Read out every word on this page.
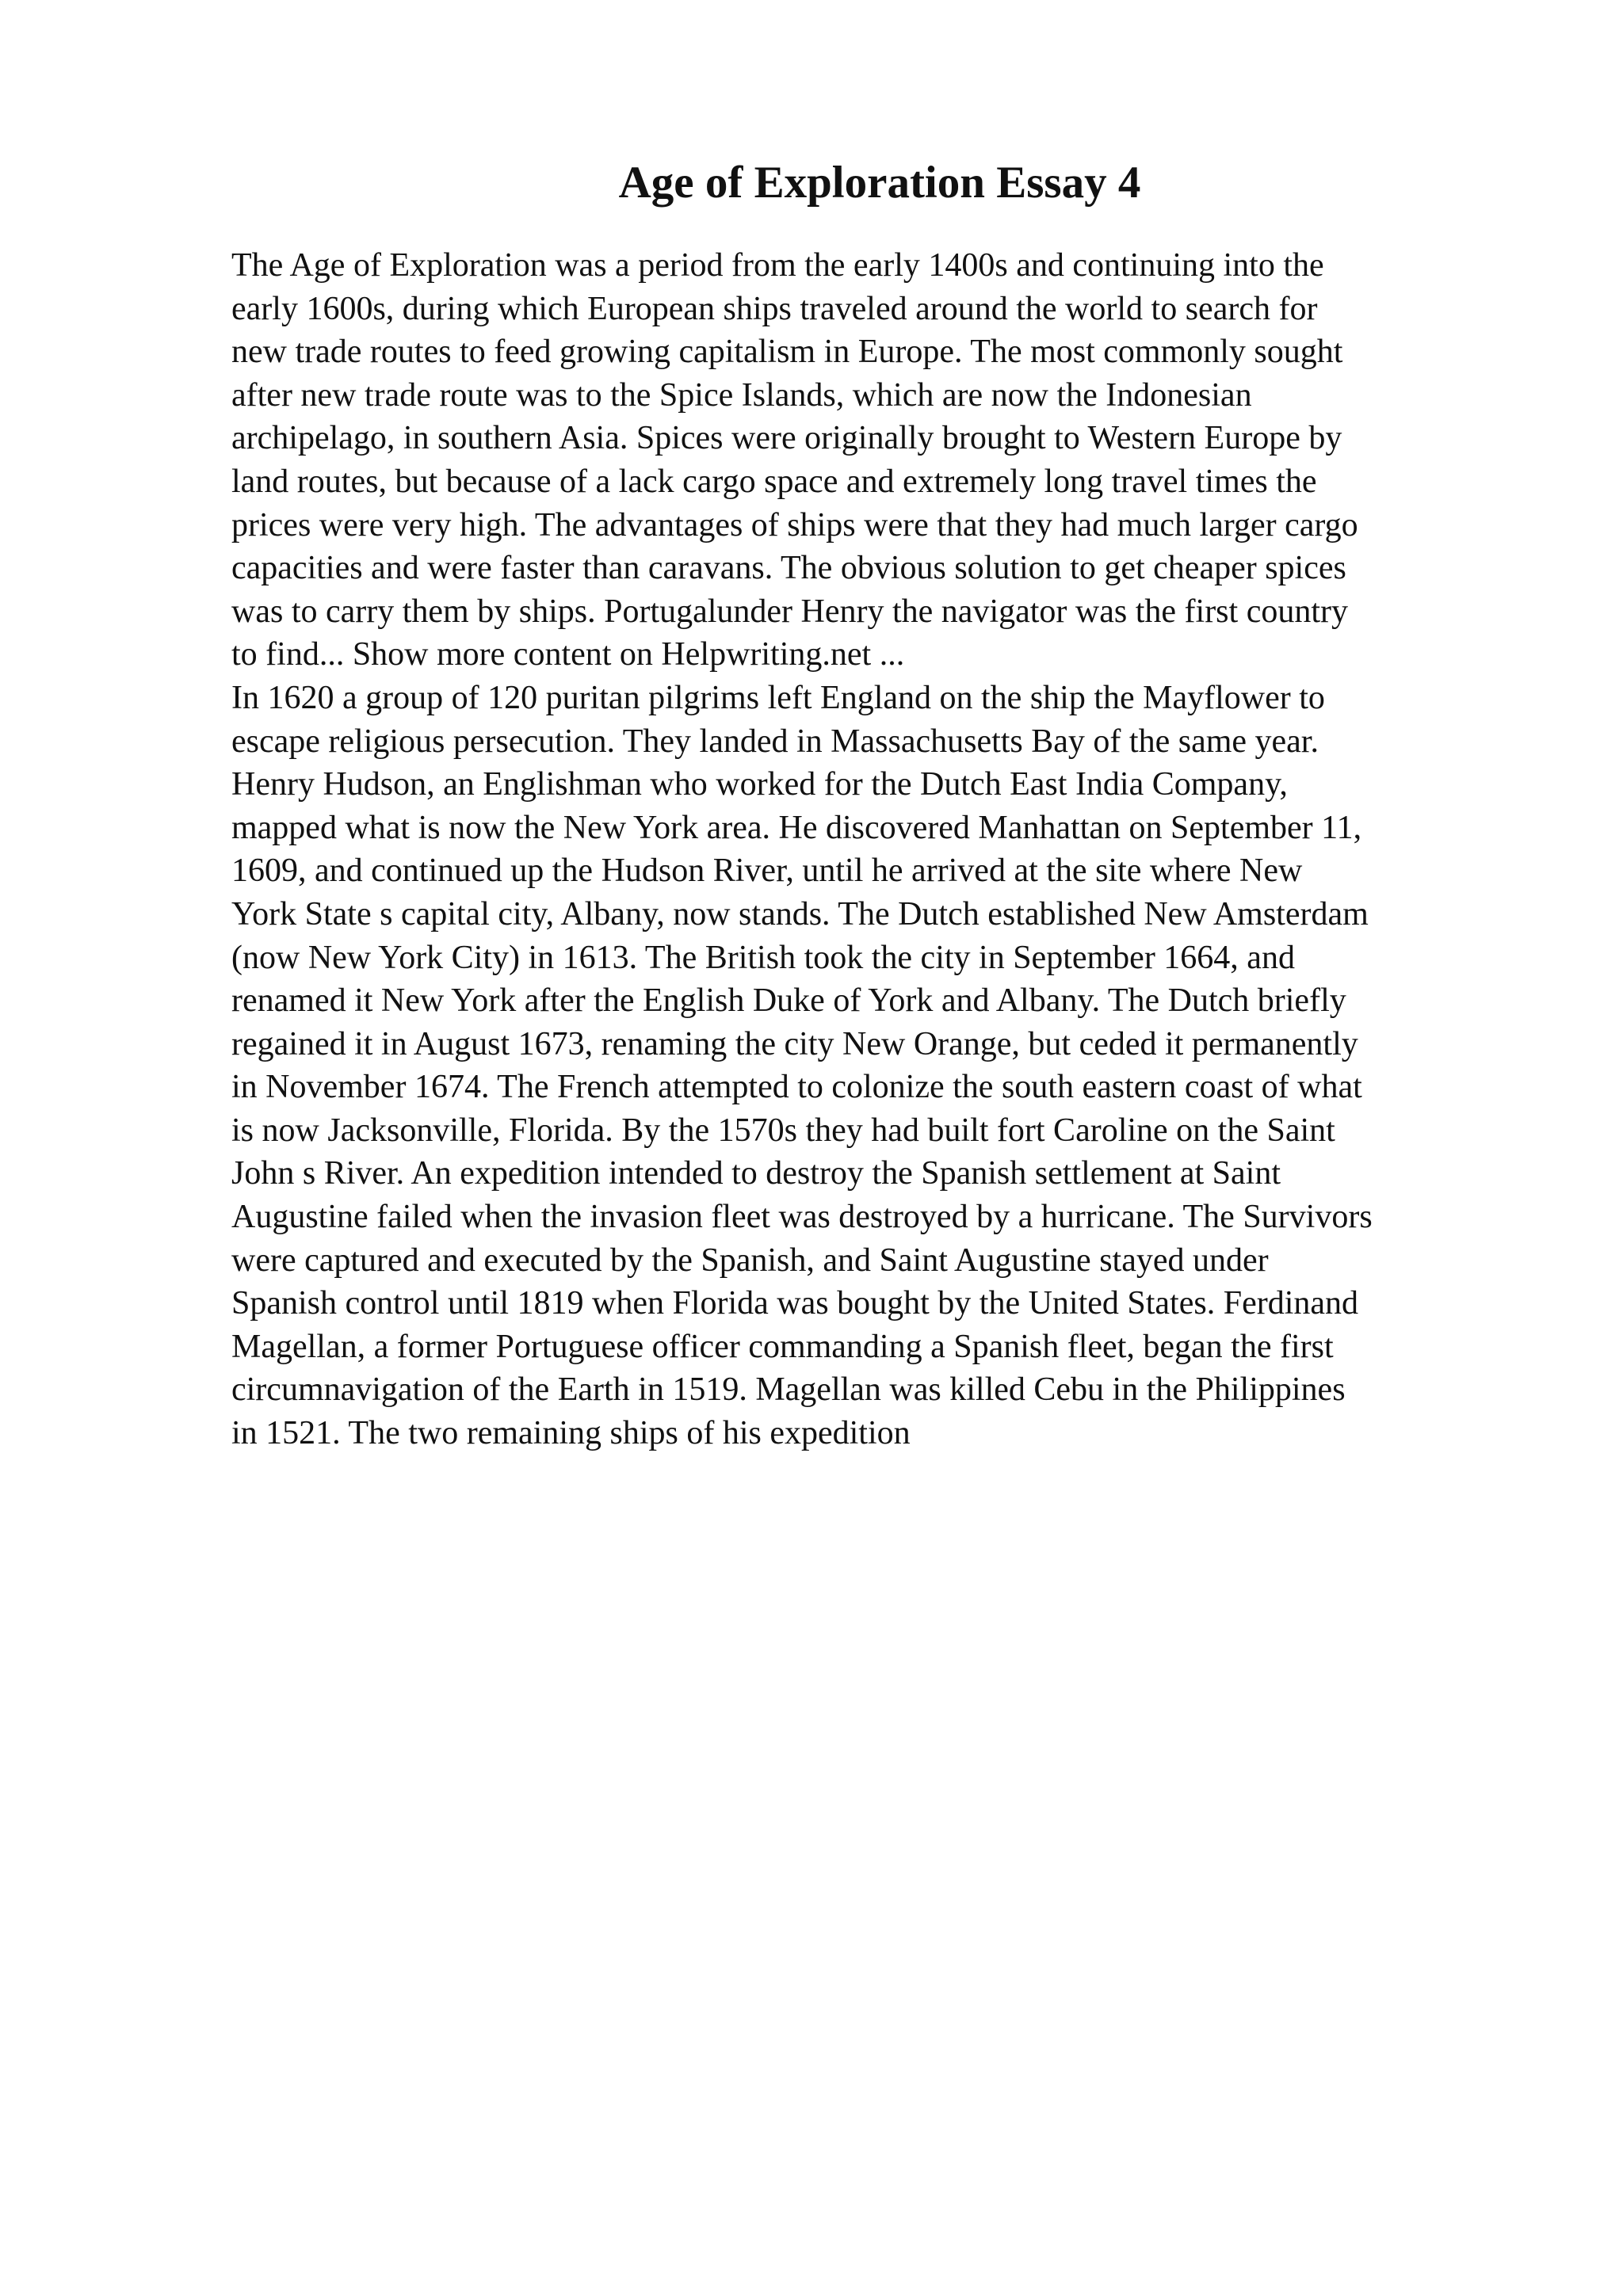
Age of Exploration Essay 4

The Age of Exploration was a period from the early 1400s and continuing into the
early 1600s, during which European ships traveled around the world to search for
new trade routes to feed growing capitalism in Europe. The most commonly sought
after new trade route was to the Spice Islands, which are now the Indonesian
archipelago, in southern Asia. Spices were originally brought to Western Europe by
land routes, but because of a lack cargo space and extremely long travel times the
prices were very high. The advantages of ships were that they had much larger cargo
capacities and were faster than caravans. The obvious solution to get cheaper spices
was to carry them by ships. Portugalunder Henry the navigator was the first country
to find... Show more content on Helpwriting.net ...

In 1620 a group of 120 puritan pilgrims left England on the ship the Mayflower to
escape religious persecution. They landed in Massachusetts Bay of the same year.
Henry Hudson, an Englishman who worked for the Dutch East India Company,
mapped what is now the New York area. He discovered Manhattan on September 11,
1609, and continued up the Hudson River, until he arrived at the site where New
York State s capital city, Albany, now stands. The Dutch established New Amsterdam
(now New York City) in 1613. The British took the city in September 1664, and
renamed it New York after the English Duke of York and Albany. The Dutch briefly
regained it in August 1673, renaming the city New Orange, but ceded it permanently
in November 1674. The French attempted to colonize the south eastern coast of what
is now Jacksonville, Florida. By the 1570s they had built fort Caroline on the Saint
John s River. An expedition intended to destroy the Spanish settlement at Saint
Augustine failed when the invasion fleet was destroyed by a hurricane. The Survivors
were captured and executed by the Spanish, and Saint Augustine stayed under
Spanish control until 1819 when Florida was bought by the United States. Ferdinand
Magellan, a former Portuguese officer commanding a Spanish fleet, began the first
circumnavigation of the Earth in 1519. Magellan was killed Cebu in the Philippines
in 1521. The two remaining ships of his expedition
